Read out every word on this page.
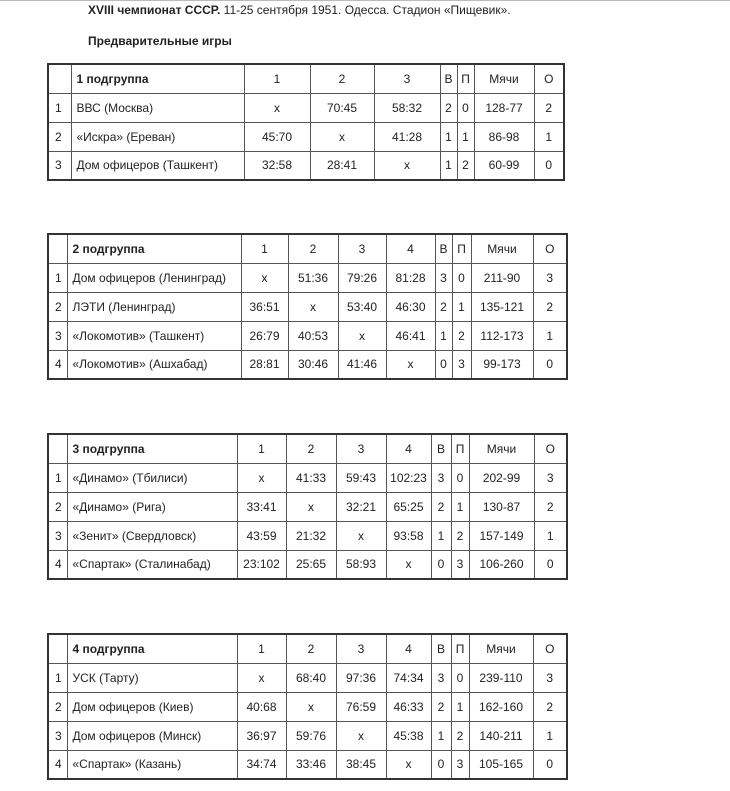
XVIII чемпионат СССР. 11-25 сентября 1951. Одесса. Стадион «Пищевик».
Предварительные игры
	1 подгруппа	1	2	3	В	П	Мячи	О
1	ВВС (Москва)	x	70:45	58:32	2	0	128-77	2
2	«Искра» (Ереван)	45:70	x	41:28	1	1	86-98	1
3	Дом офицеров (Ташкент)	32:58	28:41	x	1	2	60-99	0
	2 подгруппа	1	2	3	4	В	П	Мячи	О
1	Дом офицеров (Ленинград)	x	51:36	79:26	81:28	3	0	211-90	3
2	ЛЭТИ (Ленинград)	36:51	x	53:40	46:30	2	1	135-121	2
3	«Локомотив» (Ташкент)	26:79	40:53	x	46:41	1	2	112-173	1
4	«Локомотив» (Ашхабад)	28:81	30:46	41:46	x	0	3	99-173	0
	3 подгруппа	1	2	3	4	В	П	Мячи	О
1	«Динамо» (Тбилиси)	x	41:33	59:43	102:23	3	0	202-99	3
2	«Динамо» (Рига)	33:41	x	32:21	65:25	2	1	130-87	2
3	«Зенит» (Свердловск)	43:59	21:32	x	93:58	1	2	157-149	1
4	«Спартак» (Сталинабад)	23:102	25:65	58:93	x	0	3	106-260	0
	4 подгруппа	1	2	3	4	В	П	Мячи	О
1	УСК (Тарту)	x	68:40	97:36	74:34	3	0	239-110	3
2	Дом офицеров (Киев)	40:68	x	76:59	46:33	2	1	162-160	2
3	Дом офицеров (Минск)	36:97	59:76	x	45:38	1	2	140-211	1
4	«Спартак» (Казань)	34:74	33:46	38:45	x	0	3	105-165	0
